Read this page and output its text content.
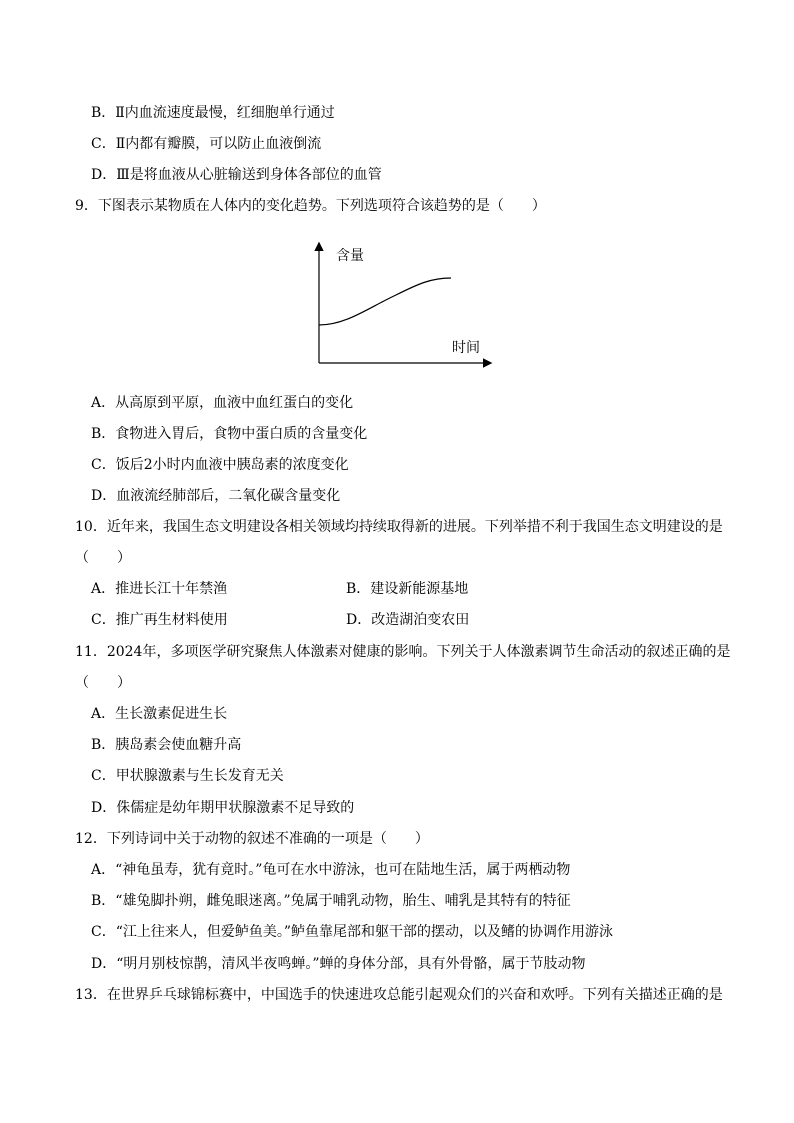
B．Ⅱ内血流速度最慢，红细胞单行通过
C．Ⅱ内都有瓣膜，可以防止血液倒流
D．Ⅲ是将血液从心脏输送到身体各部位的血管
9．下图表示某物质在人体内的变化趋势。下列选项符合该趋势的是（　　）
含量
时间
A．从高原到平原，血液中血红蛋白的变化
B．食物进入胃后，食物中蛋白质的含量变化
C．饭后2小时内血液中胰岛素的浓度变化
D．血液流经肺部后，二氧化碳含量变化
10．近年来，我国生态文明建设各相关领域均持续取得新的进展。下列举措不利于我国生态文明建设的是
（　　）
A．推进长江十年禁渔	B．建设新能源基地
C．推广再生材料使用	D．改造湖泊变农田
11．2024年，多项医学研究聚焦人体激素对健康的影响。下列关于人体激素调节生命活动的叙述正确的是
（　　）
A．生长激素促进生长
B．胰岛素会使血糖升高
C．甲状腺激素与生长发育无关
D．侏儒症是幼年期甲状腺激素不足导致的
12．下列诗词中关于动物的叙述不准确的一项是（　　）
A．“神龟虽寿，犹有竟时。”龟可在水中游泳，也可在陆地生活，属于两栖动物
B．“雄兔脚扑朔，雌兔眼迷离。”兔属于哺乳动物，胎生、哺乳是其特有的特征
C．“江上往来人，但爱鲈鱼美。”鲈鱼靠尾部和躯干部的摆动，以及鳍的协调作用游泳
D．“明月别枝惊鹊，清风半夜鸣蝉。”蝉的身体分部，具有外骨骼，属于节肢动物
13．在世界乒乓球锦标赛中，中国选手的快速进攻总能引起观众们的兴奋和欢呼。下列有关描述正确的是
